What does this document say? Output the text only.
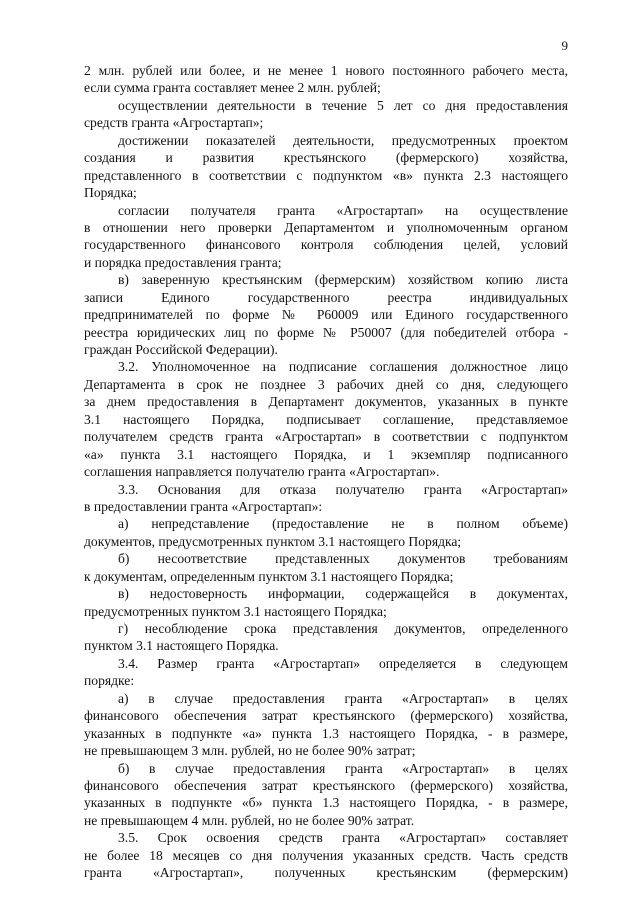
9
2 млн. рублей или более, и не менее 1 нового постоянного рабочего места,
если сумма гранта составляет менее 2 млн. рублей;
осуществлении деятельности в течение 5 лет со дня предоставления
средств гранта «Агростартап»;
достижении показателей деятельности, предусмотренных проектом
создания и развития крестьянского (фермерского) хозяйства,
представленного в соответствии с подпунктом «в» пункта 2.3 настоящего
Порядка;
согласии получателя гранта «Агростартап» на осуществление
в отношении него проверки Департаментом и уполномоченным органом
государственного финансового контроля соблюдения целей, условий
и порядка предоставления гранта;
в) заверенную крестьянским (фермерским) хозяйством копию листа
записи Единого государственного реестра индивидуальных
предпринимателей по форме № Р60009 или Единого государственного
реестра юридических лиц по форме № Р50007 (для победителей отбора -
граждан Российской Федерации).
3.2. Уполномоченное на подписание соглашения должностное лицо
Департамента в срок не позднее 3 рабочих дней со дня, следующего
за днем предоставления в Департамент документов, указанных в пункте
3.1 настоящего Порядка, подписывает соглашение, представляемое
получателем средств гранта «Агростартап» в соответствии с подпунктом
«а» пункта 3.1 настоящего Порядка, и 1 экземпляр подписанного
соглашения направляется получателю гранта «Агростартап».
3.3. Основания для отказа получателю гранта «Агростартап»
в предоставлении гранта «Агростартап»:
а) непредставление (предоставление не в полном объеме)
документов, предусмотренных пунктом 3.1 настоящего Порядка;
б) несоответствие представленных документов требованиям
к документам, определенным пунктом 3.1 настоящего Порядка;
в) недостоверность информации, содержащейся в документах,
предусмотренных пунктом 3.1 настоящего Порядка;
г) несоблюдение срока представления документов, определенного
пунктом 3.1 настоящего Порядка.
3.4. Размер гранта «Агростартап» определяется в следующем
порядке:
а) в случае предоставления гранта «Агростартап» в целях
финансового обеспечения затрат крестьянского (фермерского) хозяйства,
указанных в подпункте «а» пункта 1.3 настоящего Порядка, - в размере,
не превышающем 3 млн. рублей, но не более 90% затрат;
б) в случае предоставления гранта «Агростартап» в целях
финансового обеспечения затрат крестьянского (фермерского) хозяйства,
указанных в подпункте «б» пункта 1.3 настоящего Порядка, - в размере,
не превышающем 4 млн. рублей, но не более 90% затрат.
3.5. Срок освоения средств гранта «Агростартап» составляет
не более 18 месяцев со дня получения указанных средств. Часть средств
гранта «Агростартап», полученных крестьянским (фермерским)
